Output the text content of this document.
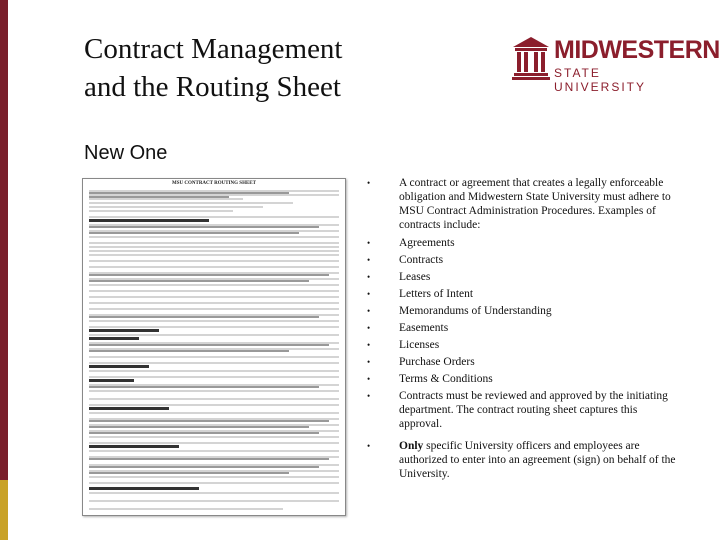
Contract Management
and the Routing Sheet
MIDWESTERN
STATE UNIVERSITY
New One
MSU CONTRACT ROUTING SHEET	•	A contract or agreement that creates a legally enforceable obligation and Midwestern State University must adhere to MSU Contract Administration Procedures. Examples of contracts include:
•	Agreements
•	Contracts
•	Leases
•	Letters of Intent
•	Memorandums of Understanding
•	Easements
•	Licenses
•	Purchase Orders
•	Terms & Conditions
•	Contracts must be reviewed and approved by the initiating department. The contract routing sheet captures this approval.
•	Only specific University officers and employees are authorized to enter into an agreement (sign) on behalf of the University.
